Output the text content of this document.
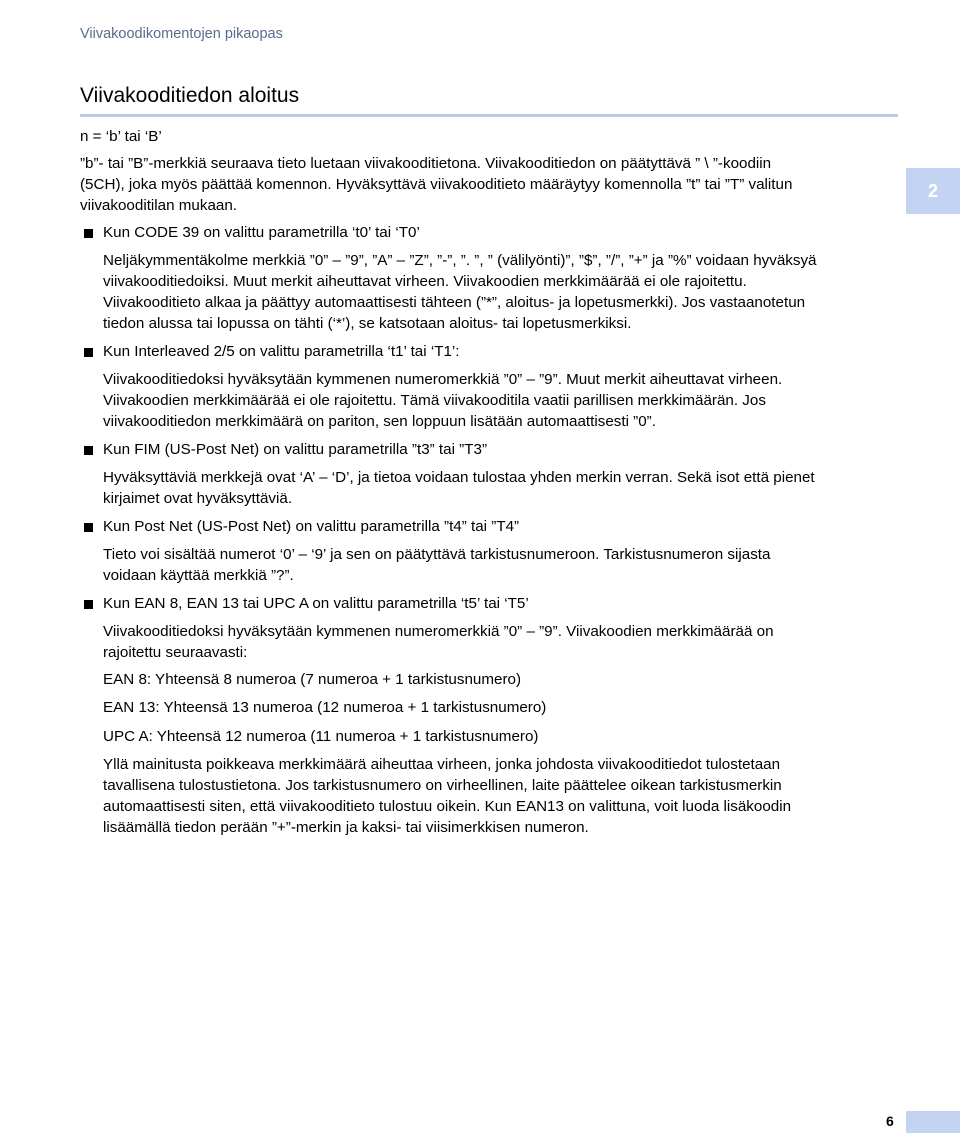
Viivakoodikomentojen pikaopas
Viivakooditiedon aloitus
2
n = ‘b’ tai ‘B’
”b”- tai ”B”-merkkiä seuraava tieto luetaan viivakooditietona. Viivakooditiedon on päätyttävä ” \ ”-koodiin
(5CH), joka myös päättää komennon. Hyväksyttävä viivakooditieto määräytyy komennolla ”t” tai ”T” valitun
viivakooditilan mukaan.
Kun CODE 39 on valittu parametrilla ‘t0’ tai ‘T0’
Neljäkymmentäkolme merkkiä ”0” – ”9”, ”A” – ”Z”, ”-”, ”. ”, ” (välilyönti)”, ”$”, ”/”, ”+” ja ”%” voidaan hyväksyä
viivakooditiedoiksi. Muut merkit aiheuttavat virheen. Viivakoodien merkkimäärää ei ole rajoitettu.
Viivakooditieto alkaa ja päättyy automaattisesti tähteen (”*”, aloitus- ja lopetusmerkki). Jos vastaanotetun
tiedon alussa tai lopussa on tähti (‘*’), se katsotaan aloitus- tai lopetusmerkiksi.
Kun Interleaved 2/5 on valittu parametrilla ‘t1’ tai ‘T1’:
Viivakooditiedoksi hyväksytään kymmenen numeromerkkiä ”0” – ”9”. Muut merkit aiheuttavat virheen.
Viivakoodien merkkimäärää ei ole rajoitettu. Tämä viivakooditila vaatii parillisen merkkimäärän. Jos
viivakooditiedon merkkimäärä on pariton, sen loppuun lisätään automaattisesti ”0”.
Kun FIM (US-Post Net) on valittu parametrilla ”t3” tai ”T3”
Hyväksyttäviä merkkejä ovat ‘A’ – ‘D’, ja tietoa voidaan tulostaa yhden merkin verran. Sekä isot että pienet
kirjaimet ovat hyväksyttäviä.
Kun Post Net (US-Post Net) on valittu parametrilla ”t4” tai ”T4”
Tieto voi sisältää numerot ‘0’ – ‘9’ ja sen on päätyttävä tarkistusnumeroon. Tarkistusnumeron sijasta
voidaan käyttää merkkiä ”?”.
Kun EAN 8, EAN 13 tai UPC A on valittu parametrilla ‘t5’ tai ‘T5’
Viivakooditiedoksi hyväksytään kymmenen numeromerkkiä ”0” – ”9”. Viivakoodien merkkimäärää on
rajoitettu seuraavasti:
EAN 8: Yhteensä 8 numeroa (7 numeroa + 1 tarkistusnumero)
EAN 13: Yhteensä 13 numeroa (12 numeroa + 1 tarkistusnumero)
UPC A: Yhteensä 12 numeroa (11 numeroa + 1 tarkistusnumero)
Yllä mainitusta poikkeava merkkimäärä aiheuttaa virheen, jonka johdosta viivakooditiedot tulostetaan
tavallisena tulostustietona. Jos tarkistusnumero on virheellinen, laite päättelee oikean tarkistusmerkin
automaattisesti siten, että viivakooditieto tulostuu oikein. Kun EAN13 on valittuna, voit luoda lisäkoodin
lisäämällä tiedon perään ”+”-merkin ja kaksi- tai viisimerkkisen numeron.
6
